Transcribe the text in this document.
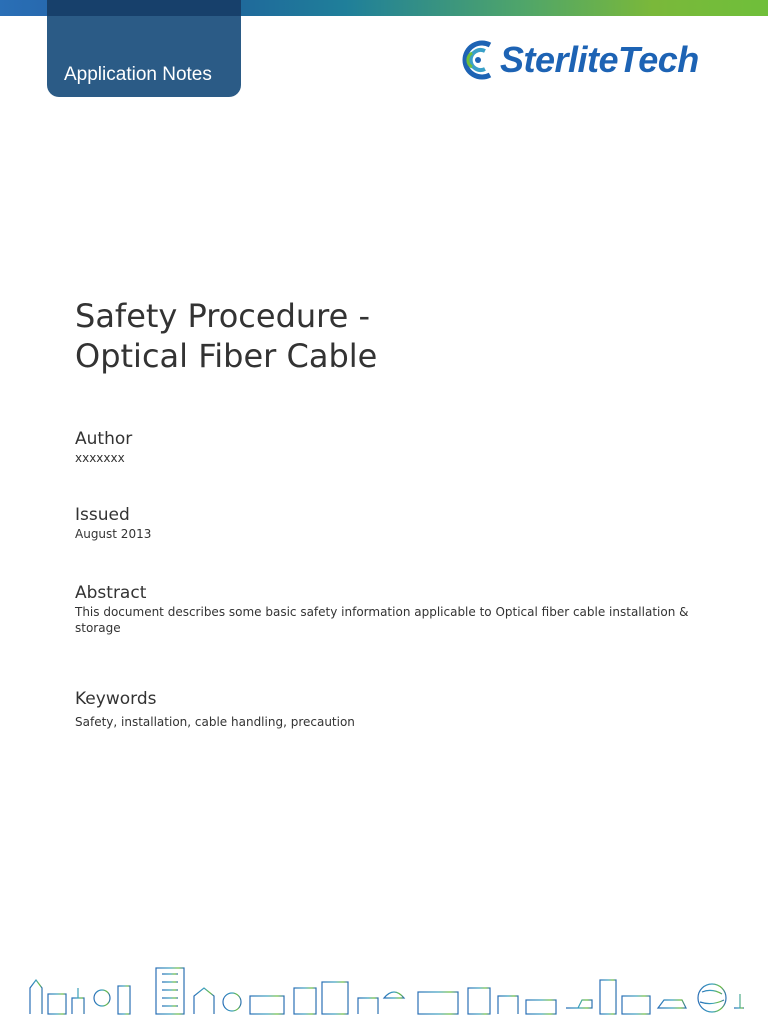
Application Notes	SterliteTech
Safety Procedure -
Optical Fiber Cable
Author

xxxxxxx

Issued

August 2013

Abstract

This document describes some basic safety information applicable to Optical fiber cable installation & storage

Keywords

Safety, installation, cable handling, precaution
